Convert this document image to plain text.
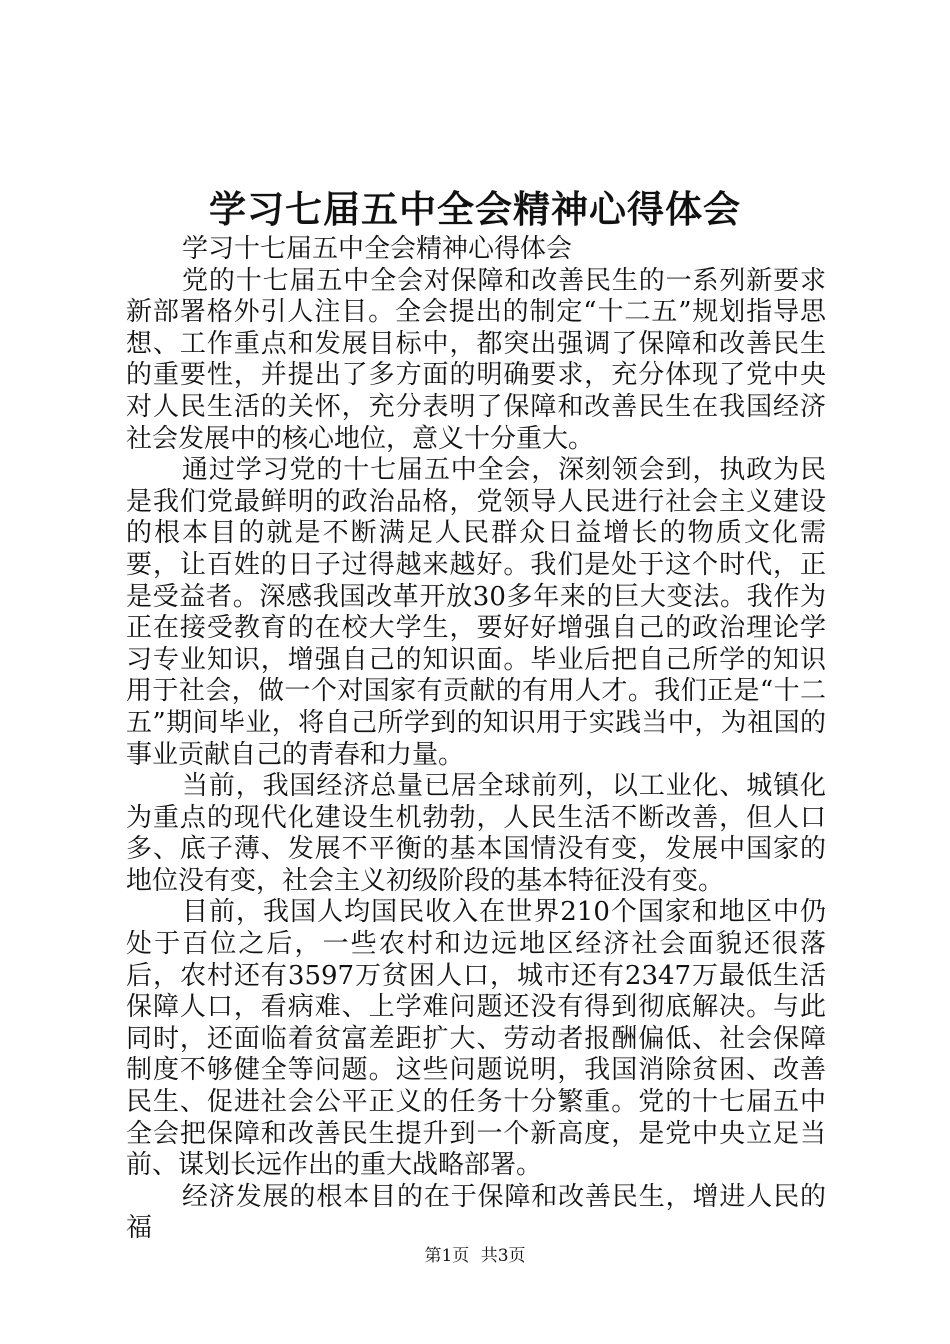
学习七届五中全会精神心得体会

学习十七届五中全会精神心得体会

党的十七届五中全会对保障和改善民生的一系列新要求新部署格外引人注目。全会提出的制定“十二五”规划指导思想、工作重点和发展目标中，都突出强调了保障和改善民生的重要性，并提出了多方面的明确要求，充分体现了党中央对人民生活的关怀，充分表明了保障和改善民生在我国经济社会发展中的核心地位，意义十分重大。

通过学习党的十七届五中全会，深刻领会到，执政为民是我们党最鲜明的政治品格，党领导人民进行社会主义建设的根本目的就是不断满足人民群众日益增长的物质文化需要，让百姓的日子过得越来越好。我们是处于这个时代，正是受益者。深感我国改革开放30多年来的巨大变法。我作为正在接受教育的在校大学生，要好好增强自己的政治理论学习专业知识，增强自己的知识面。毕业后把自己所学的知识用于社会，做一个对国家有贡献的有用人才。我们正是“十二五”期间毕业，将自己所学到的知识用于实践当中，为祖国的事业贡献自己的青春和力量。

当前，我国经济总量已居全球前列，以工业化、城镇化为重点的现代化建设生机勃勃，人民生活不断改善，但人口多、底子薄、发展不平衡的基本国情没有变，发展中国家的地位没有变，社会主义初级阶段的基本特征没有变。

目前，我国人均国民收入在世界210个国家和地区中仍处于百位之后，一些农村和边远地区经济社会面貌还很落后，农村还有3597万贫困人口，城市还有2347万最低生活保障人口，看病难、上学难问题还没有得到彻底解决。与此同时，还面临着贫富差距扩大、劳动者报酬偏低、社会保障制度不够健全等问题。这些问题说明，我国消除贫困、改善民生、促进社会公平正义的任务十分繁重。党的十七届五中全会把保障和改善民生提升到一个新高度，是党中央立足当前、谋划长远作出的重大战略部署。

经济发展的根本目的在于保障和改善民生，增进人民的福

第1页 共3页
